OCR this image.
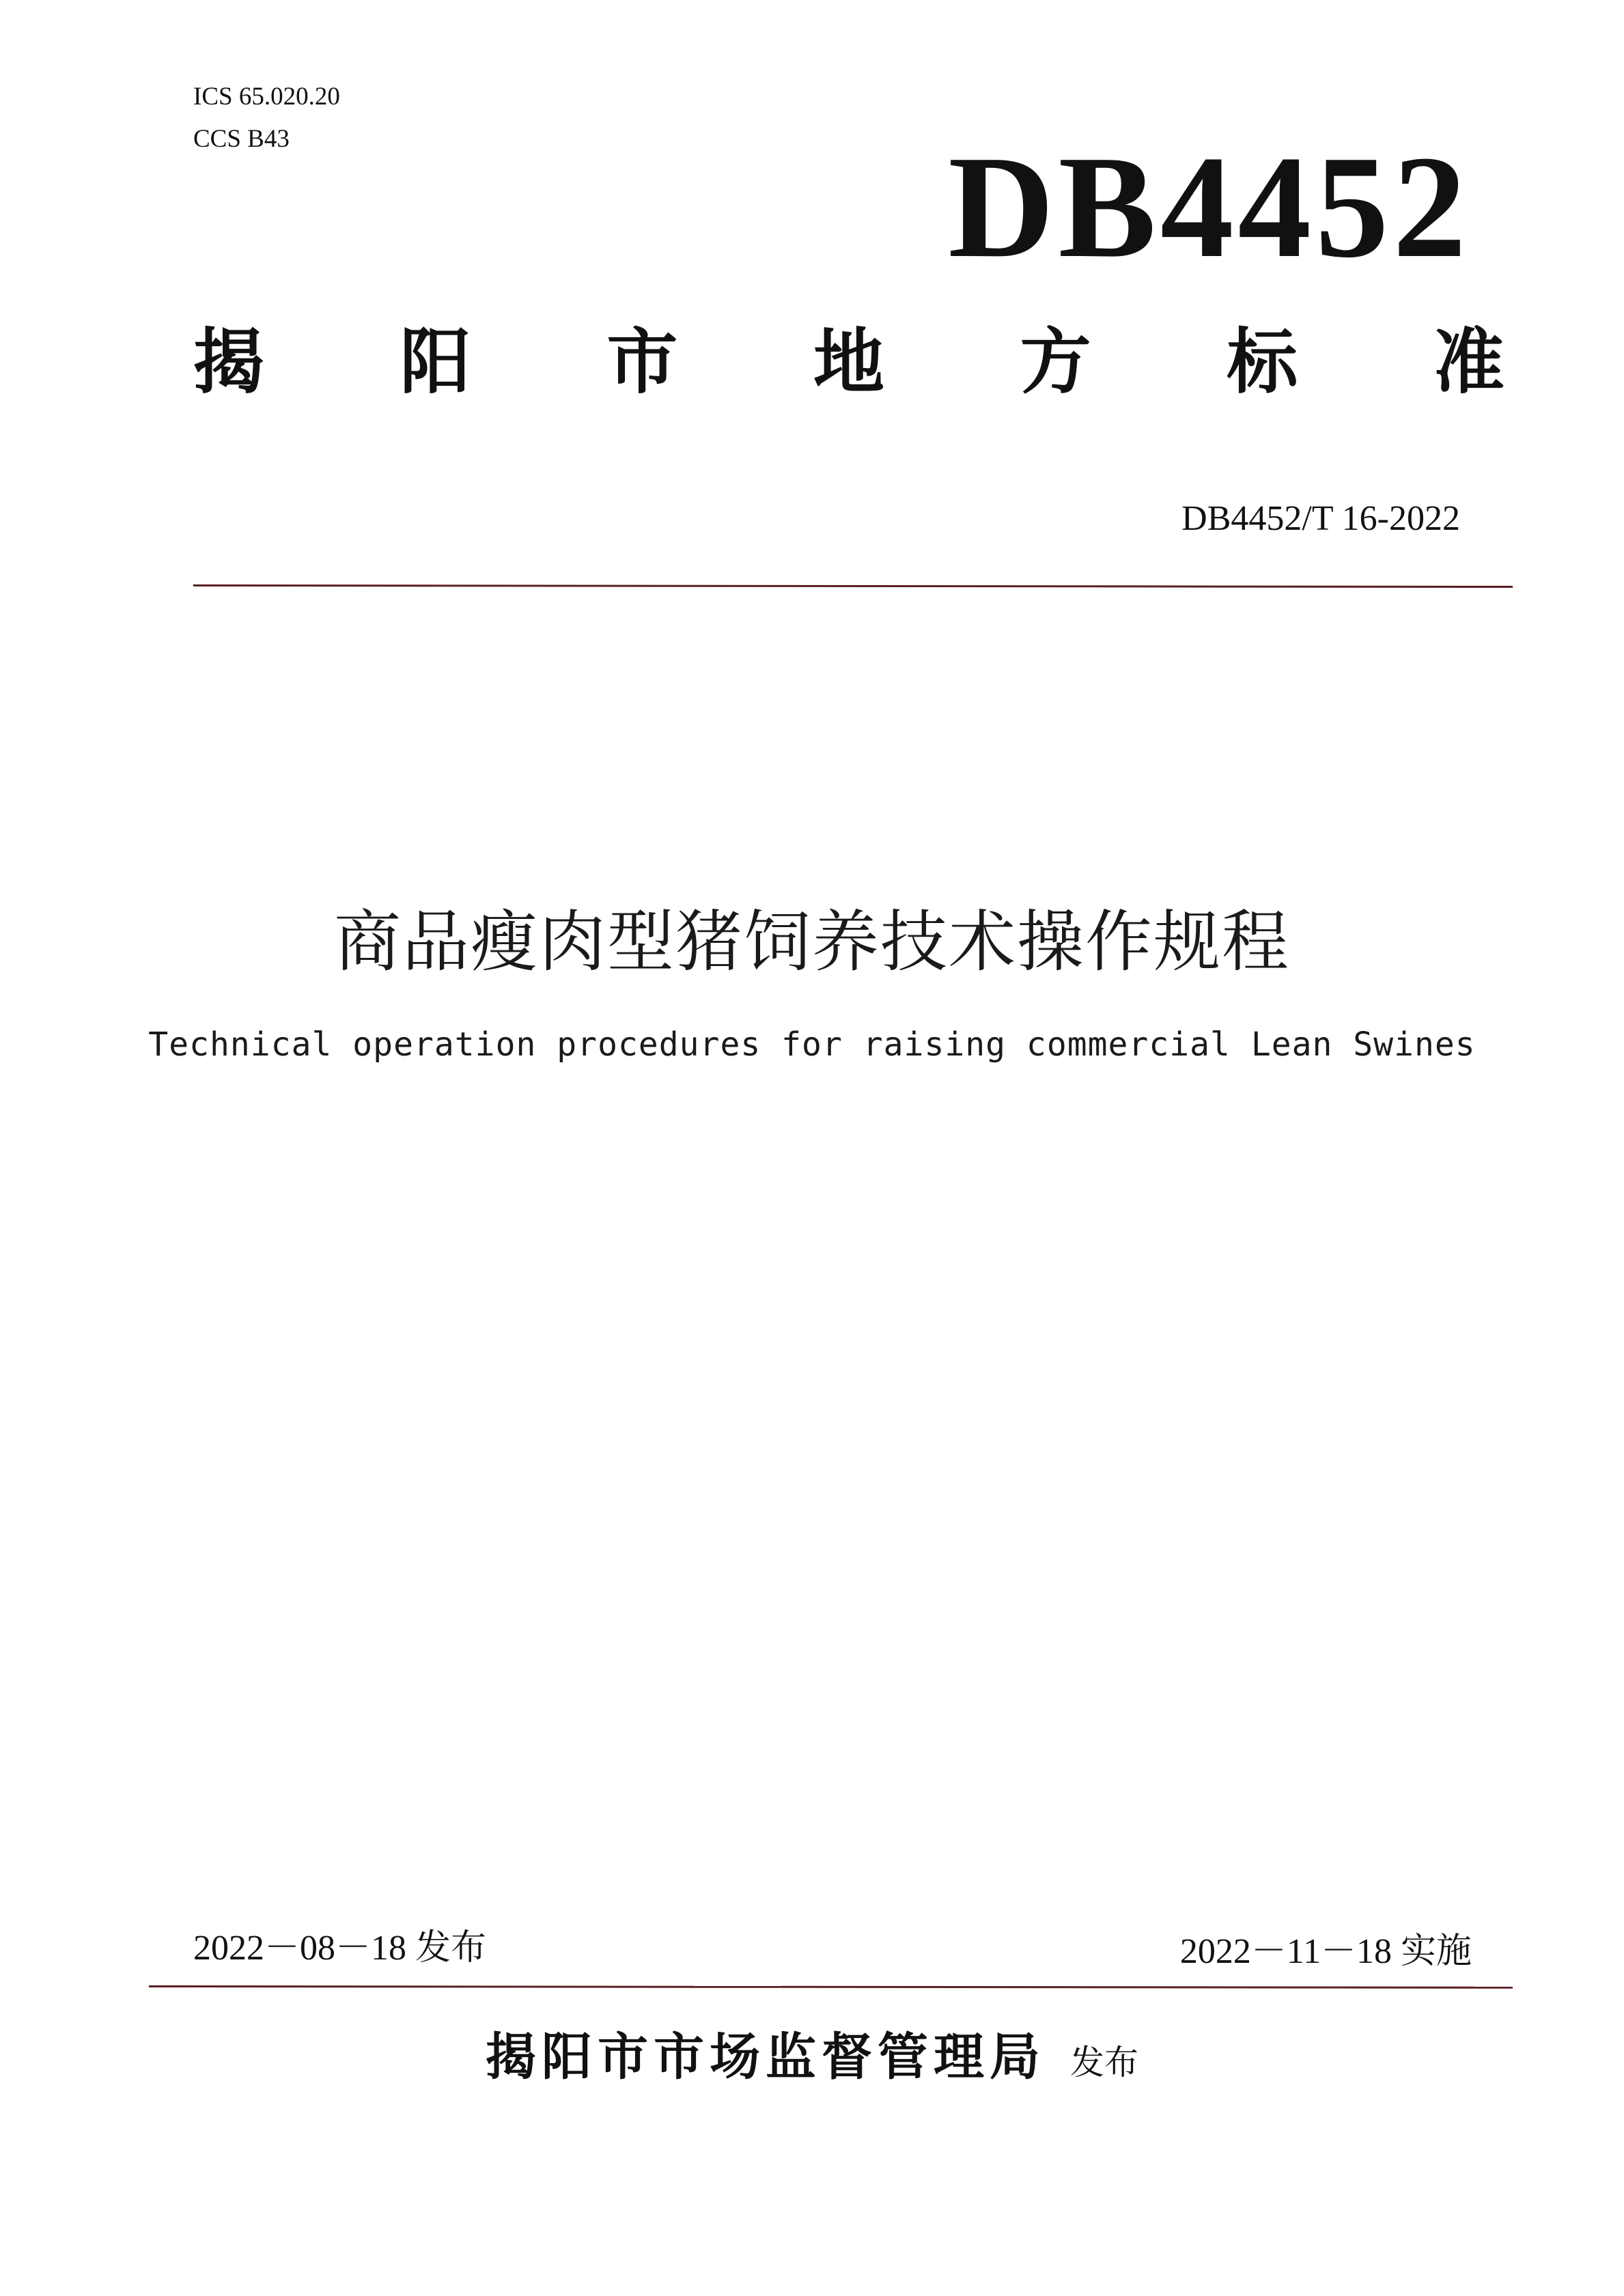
ICS 65.020.20
CCS B43	DB4452
揭 阳 市 地 方 标 准
DB4452/T 16-2022
商品瘦肉型猪饲养技术操作规程
Technical operation procedures for raising commercial Lean Swines
2022－08－18 发布	2022－11－18 实施
揭阳市市场监督管理局 发布
